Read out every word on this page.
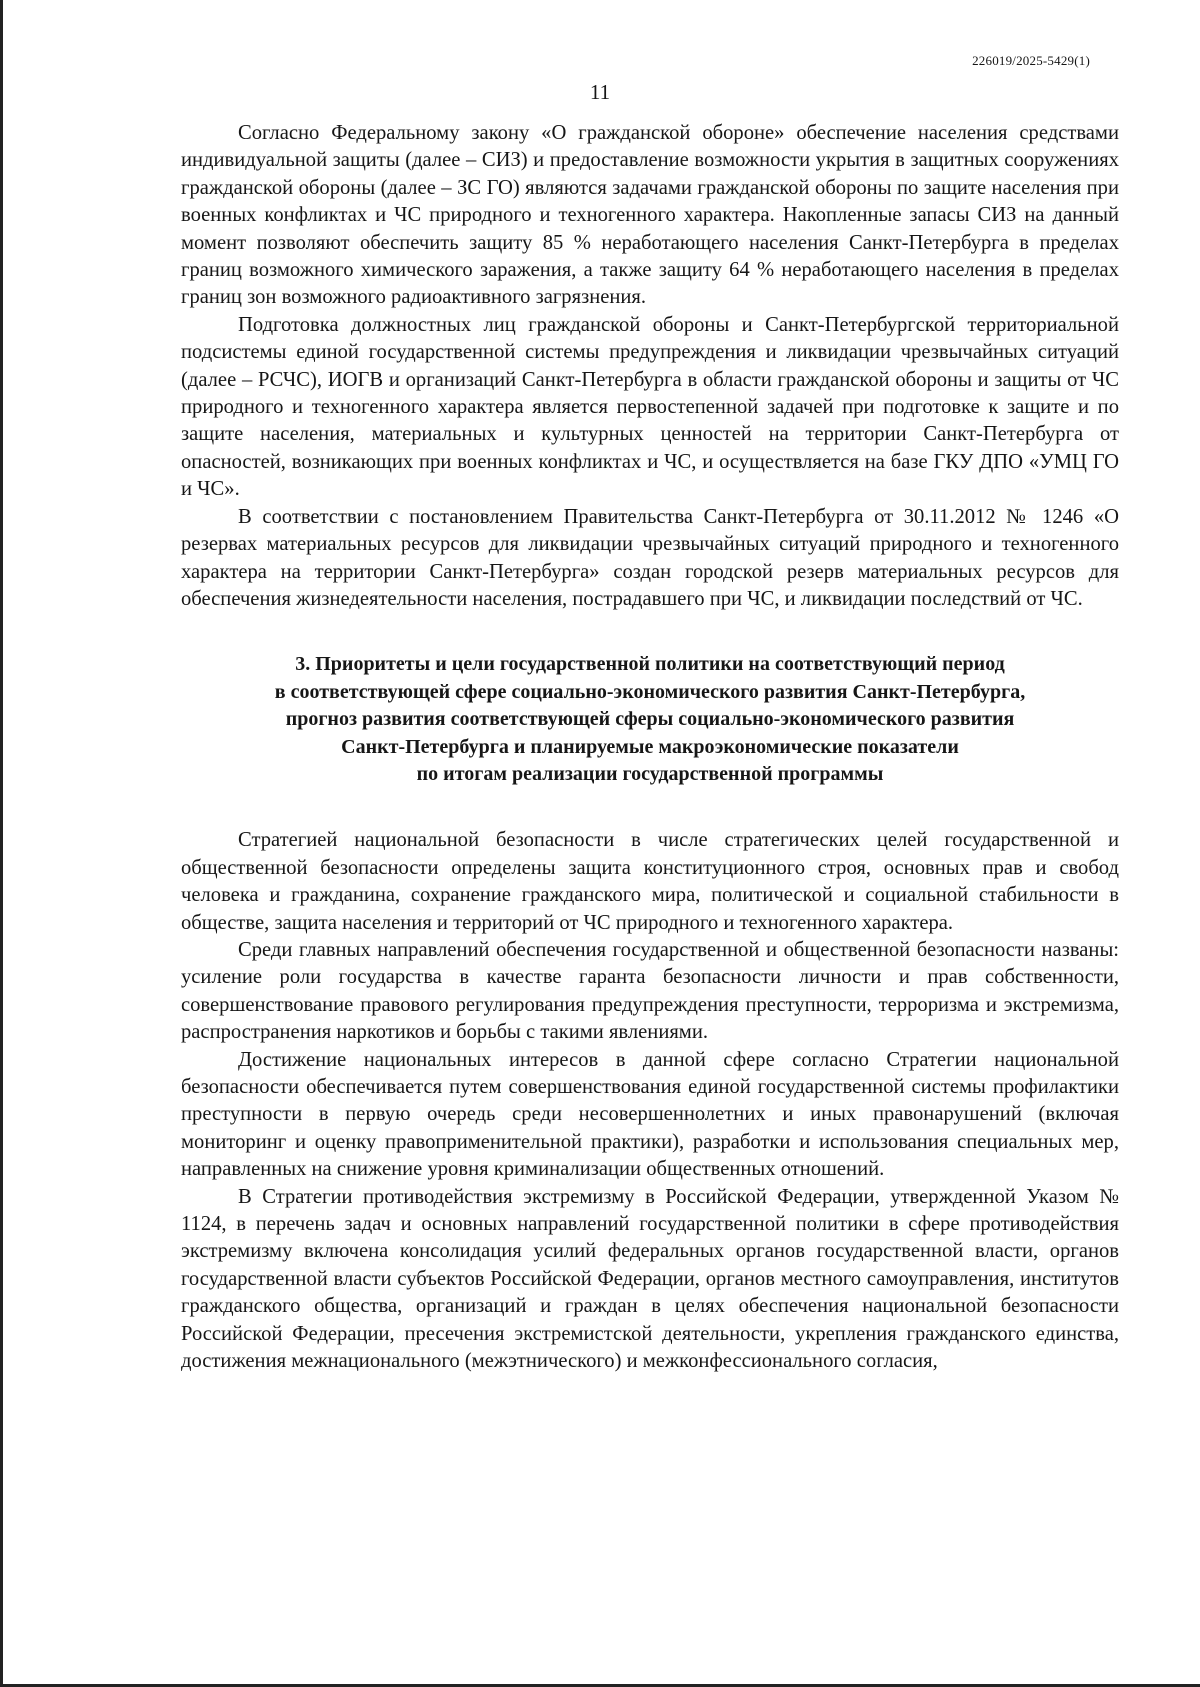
226019/2025-5429(1)
11

Согласно Федеральному закону «О гражданской обороне» обеспечение населения средствами индивидуальной защиты (далее – СИЗ) и предоставление возможности укрытия в защитных сооружениях гражданской обороны (далее – ЗС ГО) являются задачами гражданской обороны по защите населения при военных конфликтах и ЧС природного и техногенного характера. Накопленные запасы СИЗ на данный момент позволяют обеспечить защиту 85 % неработающего населения Санкт-Петербурга в пределах границ возможного химического заражения, а также защиту 64 % неработающего населения в пределах границ зон возможного радиоактивного загрязнения.

Подготовка должностных лиц гражданской обороны и Санкт-Петербургской территориальной подсистемы единой государственной системы предупреждения и ликвидации чрезвычайных ситуаций (далее – РСЧС), ИОГВ и организаций Санкт-Петербурга в области гражданской обороны и защиты от ЧС природного и техногенного характера является первостепенной задачей при подготовке к защите и по защите населения, материальных и культурных ценностей на территории Санкт-Петербурга от опасностей, возникающих при военных конфликтах и ЧС, и осуществляется на базе ГКУ ДПО «УМЦ ГО и ЧС».

В соответствии с постановлением Правительства Санкт-Петербурга от 30.11.2012 № 1246 «О резервах материальных ресурсов для ликвидации чрезвычайных ситуаций природного и техногенного характера на территории Санкт-Петербурга» создан городской резерв материальных ресурсов для обеспечения жизнедеятельности населения, пострадавшего при ЧС, и ликвидации последствий от ЧС.

3. Приоритеты и цели государственной политики на соответствующий период
в соответствующей сфере социально-экономического развития Санкт-Петербурга,
прогноз развития соответствующей сферы социально-экономического развития
Санкт-Петербурга и планируемые макроэкономические показатели
по итогам реализации государственной программы

Стратегией национальной безопасности в числе стратегических целей государственной и общественной безопасности определены защита конституционного строя, основных прав и свобод человека и гражданина, сохранение гражданского мира, политической и социальной стабильности в обществе, защита населения и территорий от ЧС природного и техногенного характера.

Среди главных направлений обеспечения государственной и общественной безопасности названы: усиление роли государства в качестве гаранта безопасности личности и прав собственности, совершенствование правового регулирования предупреждения преступности, терроризма и экстремизма, распространения наркотиков и борьбы с такими явлениями.

Достижение национальных интересов в данной сфере согласно Стратегии национальной безопасности обеспечивается путем совершенствования единой государственной системы профилактики преступности в первую очередь среди несовершеннолетних и иных правонарушений (включая мониторинг и оценку правоприменительной практики), разработки и использования специальных мер, направленных на снижение уровня криминализации общественных отношений.

В Стратегии противодействия экстремизму в Российской Федерации, утвержденной Указом № 1124, в перечень задач и основных направлений государственной политики в сфере противодействия экстремизму включена консолидация усилий федеральных органов государственной власти, органов государственной власти субъектов Российской Федерации, органов местного самоуправления, институтов гражданского общества, организаций и граждан в целях обеспечения национальной безопасности Российской Федерации, пресечения экстремистской деятельности, укрепления гражданского единства, достижения межнационального (межэтнического) и межконфессионального согласия,
